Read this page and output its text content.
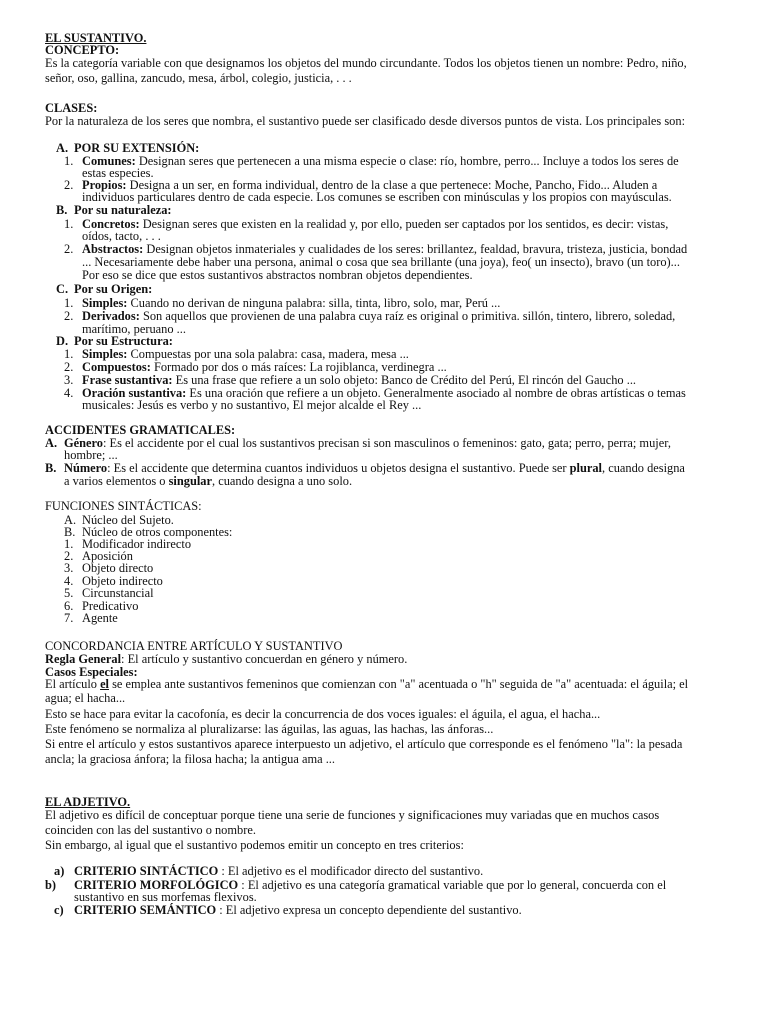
EL SUSTANTIVO.
CONCEPTO:
Es la categoría variable con que designamos los objetos del mundo circundante. Todos los objetos tienen un nombre: Pedro, niño,
señor, oso, gallina, zancudo, mesa, árbol, colegio, justicia, . . .
CLASES:
Por la naturaleza de los seres que nombra, el sustantivo puede ser clasificado desde diversos puntos de vista. Los principales son:
A. POR SU EXTENSIÓN:
1. Comunes: Designan seres que pertenecen a una misma especie o clase: río, hombre, perro... Incluye a todos los seres de
estas especies.
2. Propios: Designa a un ser, en forma individual, dentro de la clase a que pertenece: Moche, Pancho, Fido... Aluden a
individuos particulares dentro de cada especie. Los comunes se escriben con minúsculas y los propios con mayúsculas.
B. Por su naturaleza:
1. Concretos: Designan seres que existen en la realidad y, por ello, pueden ser captados por los sentidos, es decir: vistas,
oídos, tacto, . . .
2. Abstractos: Designan objetos inmateriales y cualidades de los seres: brillantez, fealdad, bravura, tristeza, justicia, bondad
... Necesariamente debe haber una persona, animal o cosa que sea brillante (una joya), feo( un insecto), bravo (un toro)...
Por eso se dice que estos sustantivos abstractos nombran objetos dependientes.
C. Por su Origen:
1. Simples: Cuando no derivan de ninguna palabra: silla, tinta, libro, solo, mar, Perú ...
2. Derivados: Son aquellos que provienen de una palabra cuya raíz es original o primitiva. sillón, tintero, librero, soledad,
marítimo, peruano ...
D. Por su Estructura:
1. Simples: Compuestas por una sola palabra: casa, madera, mesa ...
2. Compuestos: Formado por dos o más raíces: La rojiblanca, verdinegra ...
3. Frase sustantiva: Es una frase que refiere a un solo objeto: Banco de Crédito del Perú, El rincón del Gaucho ...
4. Oración sustantiva: Es una oración que refiere a un objeto. Generalmente asociado al nombre de obras artísticas o temas
musicales: Jesús es verbo y no sustantivo, El mejor alcalde el Rey ...
ACCIDENTES GRAMATICALES:
A. Género: Es el accidente por el cual los sustantivos precisan si son masculinos o femeninos: gato, gata; perro, perra; mujer,
hombre; ...
B. Número: Es el accidente que determina cuantos individuos u objetos designa el sustantivo. Puede ser plural, cuando designa
a varios elementos o singular, cuando designa a uno solo.
FUNCIONES SINTÁCTICAS:
A. Núcleo del Sujeto.
B. Núcleo de otros componentes:
1. Modificador indirecto
2. Aposición
3. Objeto directo
4. Objeto indirecto
5. Circunstancial
6. Predicativo
7. Agente
CONCORDANCIA ENTRE ARTÍCULO Y SUSTANTIVO
Regla General: El artículo y sustantivo concuerdan en género y número.
Casos Especiales:
El artículo el se emplea ante sustantivos femeninos que comienzan con "a" acentuada o "h" seguida de "a" acentuada: el águila; el
agua; el hacha...
Esto se hace para evitar la cacofonía, es decir la concurrencia de dos voces iguales: el águila, el agua, el hacha...
Este fenómeno se normaliza al pluralizarse: las águilas, las aguas, las hachas, las ánforas...
Si entre el artículo y estos sustantivos aparece interpuesto un adjetivo, el artículo que corresponde es el fenómeno "la": la pesada
ancla; la graciosa ánfora; la filosa hacha; la antigua ama ...
EL ADJETIVO.
El adjetivo es difícil de conceptuar porque tiene una serie de funciones y significaciones muy variadas que en muchos casos
coinciden con las del sustantivo o nombre.
Sin embargo, al igual que el sustantivo podemos emitir un concepto en tres criterios:
a) CRITERIO SINTÁCTICO : El adjetivo es el modificador directo del sustantivo.
b) CRITERIO MORFOLÓGICO : El adjetivo es una categoría gramatical variable que por lo general, concuerda con el
sustantivo en sus morfemas flexivos.
c) CRITERIO SEMÁNTICO : El adjetivo expresa un concepto dependiente del sustantivo.
